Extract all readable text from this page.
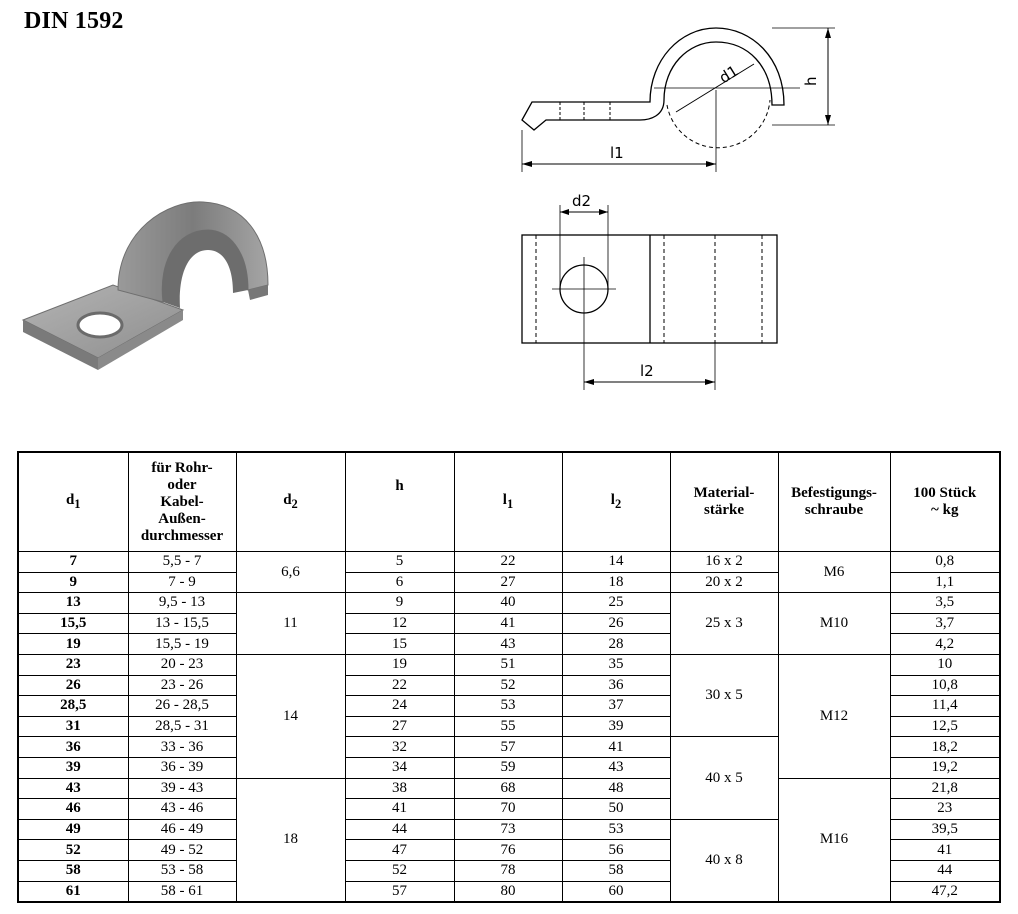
DIN 1592
d1	h
l1
d2
l2
$d_1$	für Rohr-
oder
Kabel-
Außen-
durchmesser	$d_2$	h	$l_1$	$l_2$	Material-
stärke	Befestigungs-
schraube	100 Stück
~ kg
7	5,5 - 7	6,6	5	22	14	16 x 2	M6	0,8
9	7 - 9		6	27	18	20 x 2		1,1
13	9,5 - 13	11	9	40	25	25 x 3	M10	3,5
15,5	13 - 15,5		12	41	26			3,7
19	15,5 - 19		15	43	28			4,2
23	20 - 23	14	19	51	35	30 x 5	M12	10
26	23 - 26		22	52	36			10,8
28,5	26 - 28,5		24	53	37			11,4
31	28,5 - 31		27	55	39			12,5
36	33 - 36		32	57	41	40 x 5		18,2
39	36 - 39		34	59	43			19,2
43	39 - 43	18	38	68	48		M16	21,8
46	43 - 46		41	70	50			23
49	46 - 49		44	73	53	40 x 8		39,5
52	49 - 52		47	76	56			41
58	53 - 58		52	78	58			44
61	58 - 61		57	80	60			47,2
